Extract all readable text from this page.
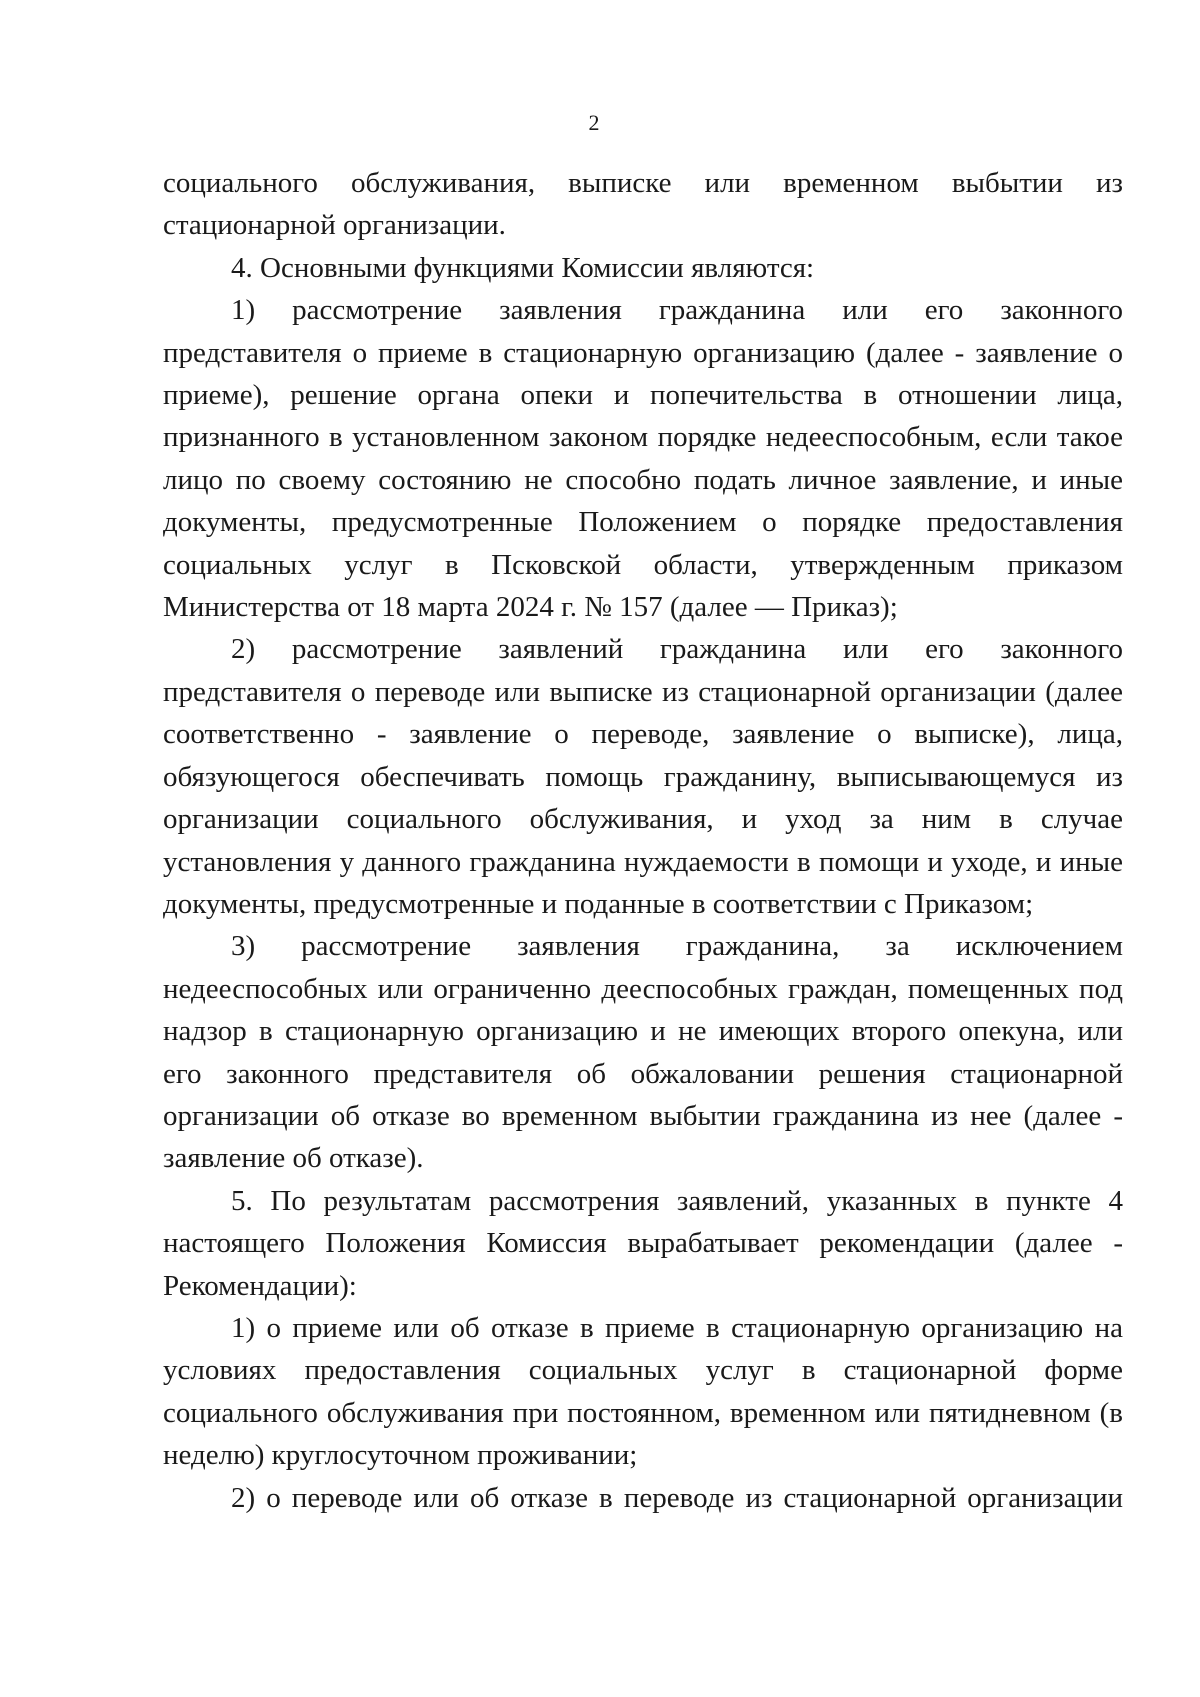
2

социального обслуживания, выписке или временном выбытии из стационарной организации.

4. Основными функциями Комиссии являются:

1) рассмотрение заявления гражданина или его законного представителя о приеме в стационарную организацию (далее - заявление о приеме), решение органа опеки и попечительства в отношении лица, признанного в установленном законом порядке недееспособным, если такое лицо по своему состоянию не способно подать личное заявление, и иные документы, предусмотренные Положением о порядке предоставления социальных услуг в Псковской области, утвержденным приказом Министерства от 18 марта 2024 г. № 157 (далее — Приказ);

2) рассмотрение заявлений гражданина или его законного представителя о переводе или выписке из стационарной организации (далее соответственно - заявление о переводе, заявление о выписке), лица, обязующегося обеспечивать помощь гражданину, выписывающемуся из организации социального обслуживания, и уход за ним в случае установления у данного гражданина нуждаемости в помощи и уходе, и иные документы, предусмотренные и поданные в соответствии с Приказом;

3) рассмотрение заявления гражданина, за исключением недееспособных или ограниченно дееспособных граждан, помещенных под надзор в стационарную организацию и не имеющих второго опекуна, или его законного представителя об обжаловании решения стационарной организации об отказе во временном выбытии гражданина из нее (далее - заявление об отказе).

5. По результатам рассмотрения заявлений, указанных в пункте 4 настоящего Положения Комиссия вырабатывает рекомендации (далее - Рекомендации):

1) о приеме или об отказе в приеме в стационарную организацию на условиях предоставления социальных услуг в стационарной форме социального обслуживания при постоянном, временном или пятидневном (в неделю) круглосуточном проживании;

2) о переводе или об отказе в переводе из стационарной организации
